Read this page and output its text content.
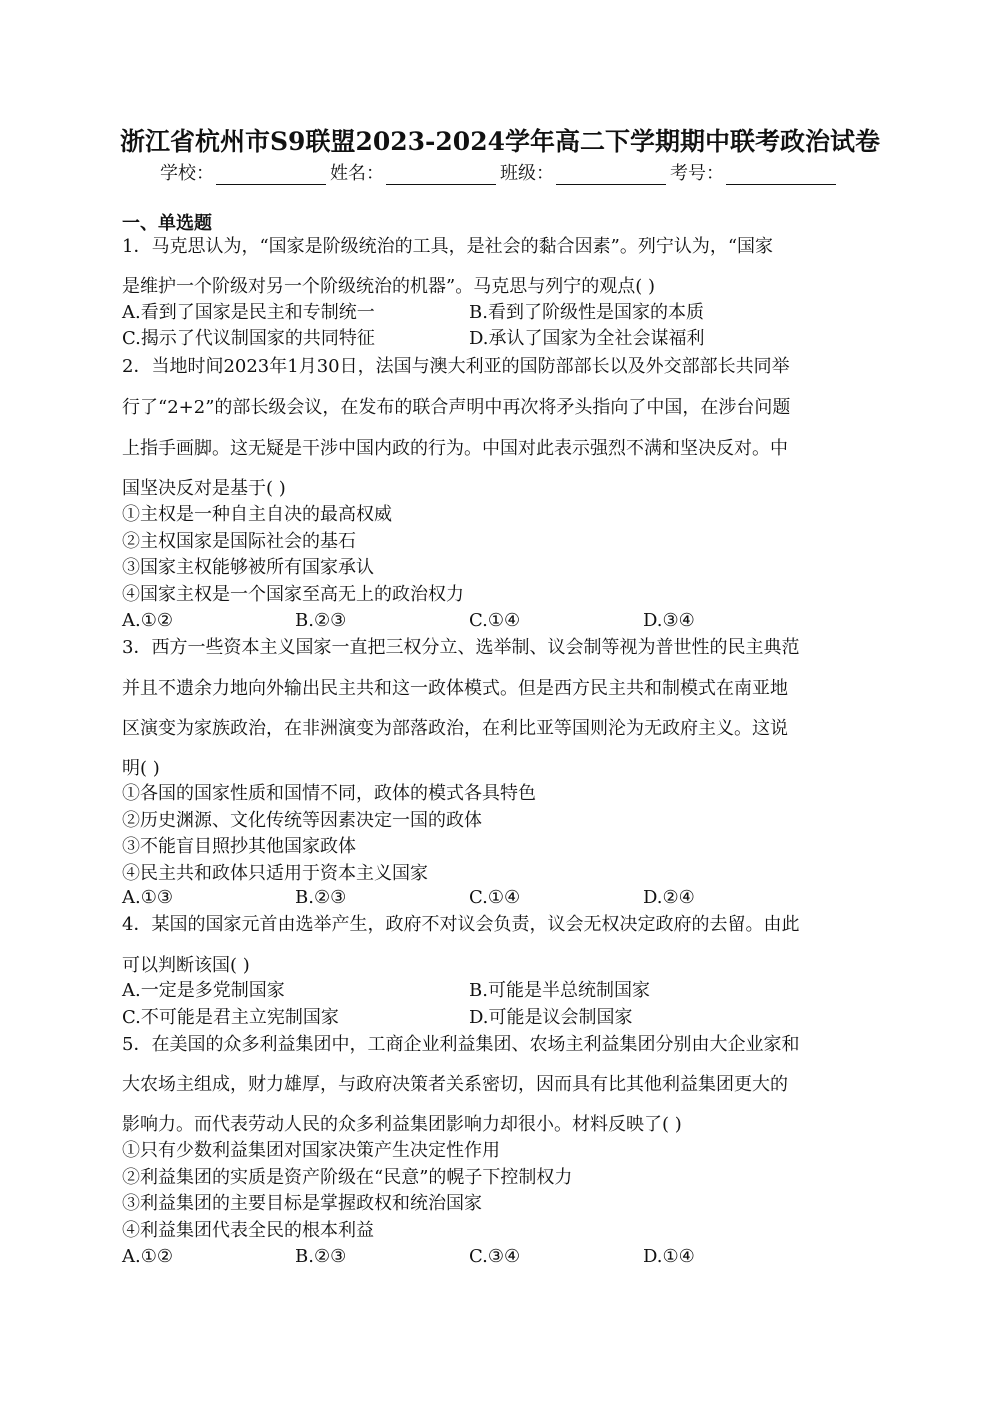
浙江省杭州市S9联盟2023-2024学年高二下学期期中联考政治试卷
学校：	姓名：	班级：	考号：
一、单选题
1．马克思认为，“国家是阶级统治的工具，是社会的黏合因素”。列宁认为，“国家
是维护一个阶级对另一个阶级统治的机器”。马克思与列宁的观点( )
A.看到了国家是民主和专制统一	B.看到了阶级性是国家的本质
C.揭示了代议制国家的共同特征	D.承认了国家为全社会谋福利
2．当地时间2023年1月30日，法国与澳大利亚的国防部部长以及外交部部长共同举
行了“2+2”的部长级会议，在发布的联合声明中再次将矛头指向了中国，在涉台问题
上指手画脚。这无疑是干涉中国内政的行为。中国对此表示强烈不满和坚决反对。中
国坚决反对是基于( )
①主权是一种自主自决的最高权威
②主权国家是国际社会的基石
③国家主权能够被所有国家承认
④国家主权是一个国家至高无上的政治权力
A.①②	B.②③	C.①④	D.③④
3．西方一些资本主义国家一直把三权分立、选举制、议会制等视为普世性的民主典范
并且不遗余力地向外输出民主共和这一政体模式。但是西方民主共和制模式在南亚地
区演变为家族政治，在非洲演变为部落政治，在利比亚等国则沦为无政府主义。这说
明( )
①各国的国家性质和国情不同，政体的模式各具特色
②历史渊源、文化传统等因素决定一国的政体
③不能盲目照抄其他国家政体
④民主共和政体只适用于资本主义国家
A.①③	B.②③	C.①④	D.②④
4．某国的国家元首由选举产生，政府不对议会负责，议会无权决定政府的去留。由此
可以判断该国( )
A.一定是多党制国家	B.可能是半总统制国家
C.不可能是君主立宪制国家	D.可能是议会制国家
5．在美国的众多利益集团中，工商企业利益集团、农场主利益集团分别由大企业家和
大农场主组成，财力雄厚，与政府决策者关系密切，因而具有比其他利益集团更大的
影响力。而代表劳动人民的众多利益集团影响力却很小。材料反映了( )
①只有少数利益集团对国家决策产生决定性作用
②利益集团的实质是资产阶级在“民意”的幌子下控制权力
③利益集团的主要目标是掌握政权和统治国家
④利益集团代表全民的根本利益
A.①②	B.②③	C.③④	D.①④
